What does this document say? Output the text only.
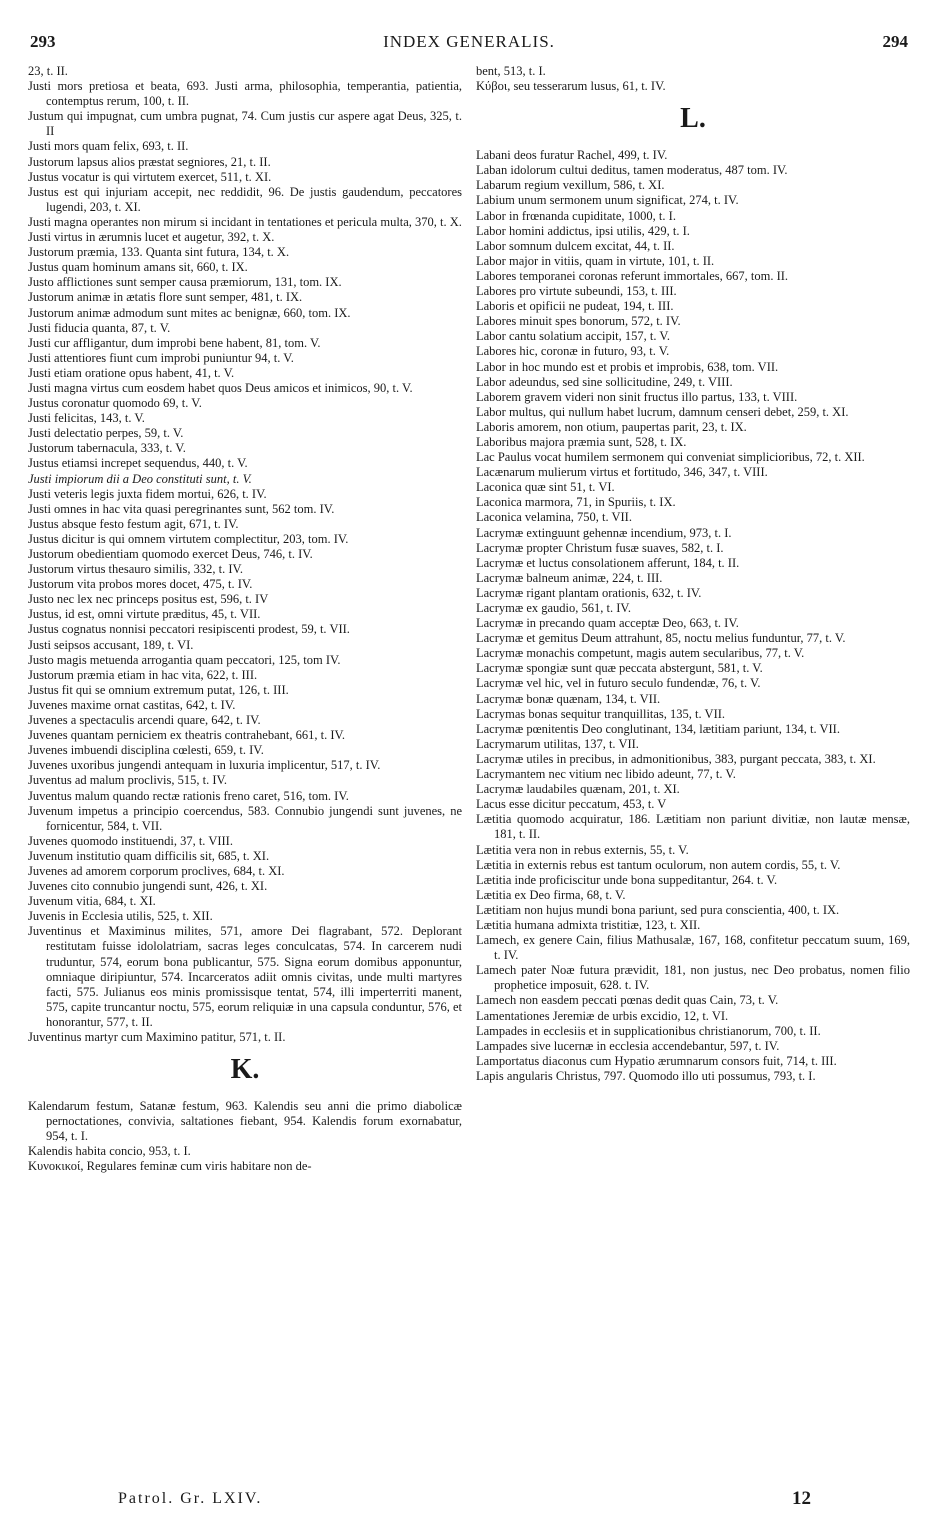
293	INDEX GENERALIS.	294

23, t. II.

Justi mors pretiosa et beata, 693. Justi arma, philosophia, temperantia, patientia, contemptus rerum, 100, t. II.

Justum qui impugnat, cum umbra pugnat, 74. Cum justis cur aspere agat Deus, 325, t. II

Justi mors quam felix, 693, t. II.

Justorum lapsus alios præstat segniores, 21, t. II.

Justus vocatur is qui virtutem exercet, 511, t. XI.

Justus est qui injuriam accepit, nec reddidit, 96. De justis gaudendum, peccatores lugendi, 203, t. XI.

Justi magna operantes non mirum si incidant in tentationes et pericula multa, 370, t. X.

Justi virtus in ærumnis lucet et augetur, 392, t. X.

Justorum præmia, 133. Quanta sint futura, 134, t. X.

Justus quam hominum amans sit, 660, t. IX.

Justo afflictiones sunt semper causa præmiorum, 131, tom. IX.

Justorum animæ in ætatis flore sunt semper, 481, t. IX.

Justorum animæ admodum sunt mites ac benignæ, 660, tom. IX.

Justi fiducia quanta, 87, t. V.

Justi cur affligantur, dum improbi bene habent, 81, tom. V.

Justi attentiores fiunt cum improbi puniuntur 94, t. V.

Justi etiam oratione opus habent, 41, t. V.

Justi magna virtus cum eosdem habet quos Deus amicos et inimicos, 90, t. V.

Justus coronatur quomodo 69, t. V.

Justi felicitas, 143, t. V.

Justi delectatio perpes, 59, t. V.

Justorum tabernacula, 333, t. V.

Justus etiamsi increpet sequendus, 440, t. V.

Justi impiorum dii a Deo constituti sunt, t. V.

Justi veteris legis juxta fidem mortui, 626, t. IV.

Justi omnes in hac vita quasi peregrinantes sunt, 562 tom. IV.

Justus absque festo festum agit, 671, t. IV.

Justus dicitur is qui omnem virtutem complectitur, 203, tom. IV.

Justorum obedientiam quomodo exercet Deus, 746, t. IV.

Justorum virtus thesauro similis, 332, t. IV.

Justorum vita probos mores docet, 475, t. IV.

Justo nec lex nec princeps positus est, 596, t. IV

Justus, id est, omni virtute præditus, 45, t. VII.

Justus cognatus nonnisi peccatori resipiscenti prodest, 59, t. VII.

Justi seipsos accusant, 189, t. VI.

Justo magis metuenda arrogantia quam peccatori, 125, tom IV.

Justorum præmia etiam in hac vita, 622, t. III.

Justus fit qui se omnium extremum putat, 126, t. III.

Juvenes maxime ornat castitas, 642, t. IV.

Juvenes a spectaculis arcendi quare, 642, t. IV.

Juvenes quantam perniciem ex theatris contrahebant, 661, t. IV.

Juvenes imbuendi disciplina cœlesti, 659, t. IV.

Juvenes uxoribus jungendi antequam in luxuria implicentur, 517, t. IV.

Juventus ad malum proclivis, 515, t. IV.

Juventus malum quando rectæ rationis freno caret, 516, tom. IV.

Juvenum impetus a principio coercendus, 583. Connubio jungendi sunt juvenes, ne fornicentur, 584, t. VII.

Juvenes quomodo instituendi, 37, t. VIII.

Juvenum institutio quam difficilis sit, 685, t. XI.

Juvenes ad amorem corporum proclives, 684, t. XI.

Juvenes cito connubio jungendi sunt, 426, t. XI.

Juvenum vitia, 684, t. XI.

Juvenis in Ecclesia utilis, 525, t. XII.

Juventinus et Maximinus milites, 571, amore Dei flagrabant, 572. Deplorant restitutam fuisse idololatriam, sacras leges conculcatas, 574. In carcerem nudi truduntur, 574, eorum bona publicantur, 575. Signa eorum domibus apponuntur, omniaque diripiuntur, 574. Incarceratos adiit omnis civitas, unde multi martyres facti, 575. Julianus eos minis promissisque tentat, 574, illi imperterriti manent, 575, capite truncantur noctu, 575, eorum reliquiæ in una capsula conduntur, 576, et honorantur, 577, t. II.

Juventinus martyr cum Maximino patitur, 571, t. II.

K.

Kalendarum festum, Satanæ festum, 963. Kalendis seu anni die primo diabolicæ pernoctationes, convivia, saltationes fiebant, 954. Kalendis forum exornabatur, 954, t. I.

Kalendis habita concio, 953, t. I.

Κυνοκικοί, Regulares feminæ cum viris habitare non de-

bent, 513, t. I.

Κύβοι, seu tesserarum lusus, 61, t. IV.

L.

Labani deos furatur Rachel, 499, t. IV.

Laban idolorum cultui deditus, tamen moderatus, 487 tom. IV.

Labarum regium vexillum, 586, t. XI.

Labium unum sermonem unum significat, 274, t. IV.

Labor in frœnanda cupiditate, 1000, t. I.

Labor homini addictus, ipsi utilis, 429, t. I.

Labor somnum dulcem excitat, 44, t. II.

Labor major in vitiis, quam in virtute, 101, t. II.

Labores temporanei coronas referunt immortales, 667, tom. II.

Labores pro virtute subeundi, 153, t. III.

Laboris et opificii ne pudeat, 194, t. III.

Labores minuit spes bonorum, 572, t. IV.

Labor cantu solatium accipit, 157, t. V.

Labores hic, coronæ in futuro, 93, t. V.

Labor in hoc mundo est et probis et improbis, 638, tom. VII.

Labor adeundus, sed sine sollicitudine, 249, t. VIII.

Laborem gravem videri non sinit fructus illo partus, 133, t. VIII.

Labor multus, qui nullum habet lucrum, damnum censeri debet, 259, t. XI.

Laboris amorem, non otium, paupertas parit, 23, t. IX.

Laboribus majora præmia sunt, 528, t. IX.

Lac Paulus vocat humilem sermonem qui conveniat simplicioribus, 72, t. XII.

Lacænarum mulierum virtus et fortitudo, 346, 347, t. VIII.

Laconica quæ sint 51, t. VI.

Laconica marmora, 71, in Spuriis, t. IX.

Laconica velamina, 750, t. VII.

Lacrymæ extinguunt gehennæ incendium, 973, t. I.

Lacrymæ propter Christum fusæ suaves, 582, t. I.

Lacrymæ et luctus consolationem afferunt, 184, t. II.

Lacrymæ balneum animæ, 224, t. III.

Lacrymæ rigant plantam orationis, 632, t. IV.

Lacrymæ ex gaudio, 561, t. IV.

Lacrymæ in precando quam acceptæ Deo, 663, t. IV.

Lacrymæ et gemitus Deum attrahunt, 85, noctu melius funduntur, 77, t. V.

Lacrymæ monachis competunt, magis autem secularibus, 77, t. V.

Lacrymæ spongiæ sunt quæ peccata abstergunt, 581, t. V.

Lacrymæ vel hic, vel in futuro seculo fundendæ, 76, t. V.

Lacrymæ bonæ quænam, 134, t. VII.

Lacrymas bonas sequitur tranquillitas, 135, t. VII.

Lacrymæ pœnitentis Deo conglutinant, 134, lætitiam pariunt, 134, t. VII.

Lacrymarum utilitas, 137, t. VII.

Lacrymæ utiles in precibus, in admonitionibus, 383, purgant peccata, 383, t. XI.

Lacrymantem nec vitium nec libido adeunt, 77, t. V.

Lacrymæ laudabiles quænam, 201, t. XI.

Lacus esse dicitur peccatum, 453, t. V

Lætitia quomodo acquiratur, 186. Lætitiam non pariunt divitiæ, non lautæ mensæ, 181, t. II.

Lætitia vera non in rebus externis, 55, t. V.

Lætitia in externis rebus est tantum oculorum, non autem cordis, 55, t. V.

Lætitia inde proficiscitur unde bona suppeditantur, 264. t. V.

Lætitia ex Deo firma, 68, t. V.

Lætitiam non hujus mundi bona pariunt, sed pura conscientia, 400, t. IX.

Lætitia humana admixta tristitiæ, 123, t. XII.

Lamech, ex genere Cain, filius Mathusalæ, 167, 168, confitetur peccatum suum, 169, t. IV.

Lamech pater Noæ futura prævidit, 181, non justus, nec Deo probatus, nomen filio prophetice imposuit, 628. t. IV.

Lamech non easdem peccati pœnas dedit quas Cain, 73, t. V.

Lamentationes Jeremiæ de urbis excidio, 12, t. VI.

Lampades in ecclesiis et in supplicationibus christianorum, 700, t. II.

Lampades sive lucernæ in ecclesia accendebantur, 597, t. IV.

Lamportatus diaconus cum Hypatio ærumnarum consors fuit, 714, t. III.

Lapis angularis Christus, 797. Quomodo illo uti possumus, 793, t. I.

Patrol. Gr. LXIV.	12
